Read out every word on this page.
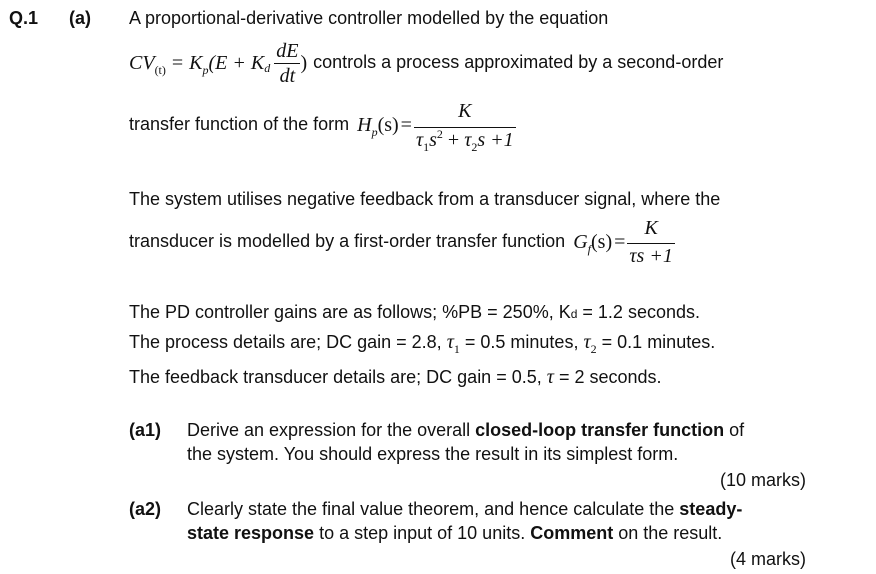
Q.1 (a) A proportional-derivative controller modelled by the equation
$CV_{(t)} = K_p$ (E + K d $\frac{dE}{dt}$ ) controls a process approximated by a second-order
transfer function of the form $H_p(s) = \frac{K}{\tau_1s^2 + \tau_2s +1}$
The system utilises negative feedback from a transducer signal, where the
transducer is modelled by a first-order transfer function $G_f(s) = \frac{K}{\tau s +1}$
The PD controller gains are as follows; %PB = 250%, Kd = 1.2 seconds.
The process details are; DC gain = 2.8, $\tau_1 = 0.5$ minutes, $\tau_2 = 0.1$ minutes.
The feedback transducer details are; DC gain = 0.5, τ = 2 seconds.
(a1) Derive an expression for the overall closed-loop transfer function of
the system. You should express the result in its simplest form.
(10 marks)
(a2) Clearly state the final value theorem, and hence calculate the steady-
state response to a step input of 10 units. Comment on the result.
(4 marks)
